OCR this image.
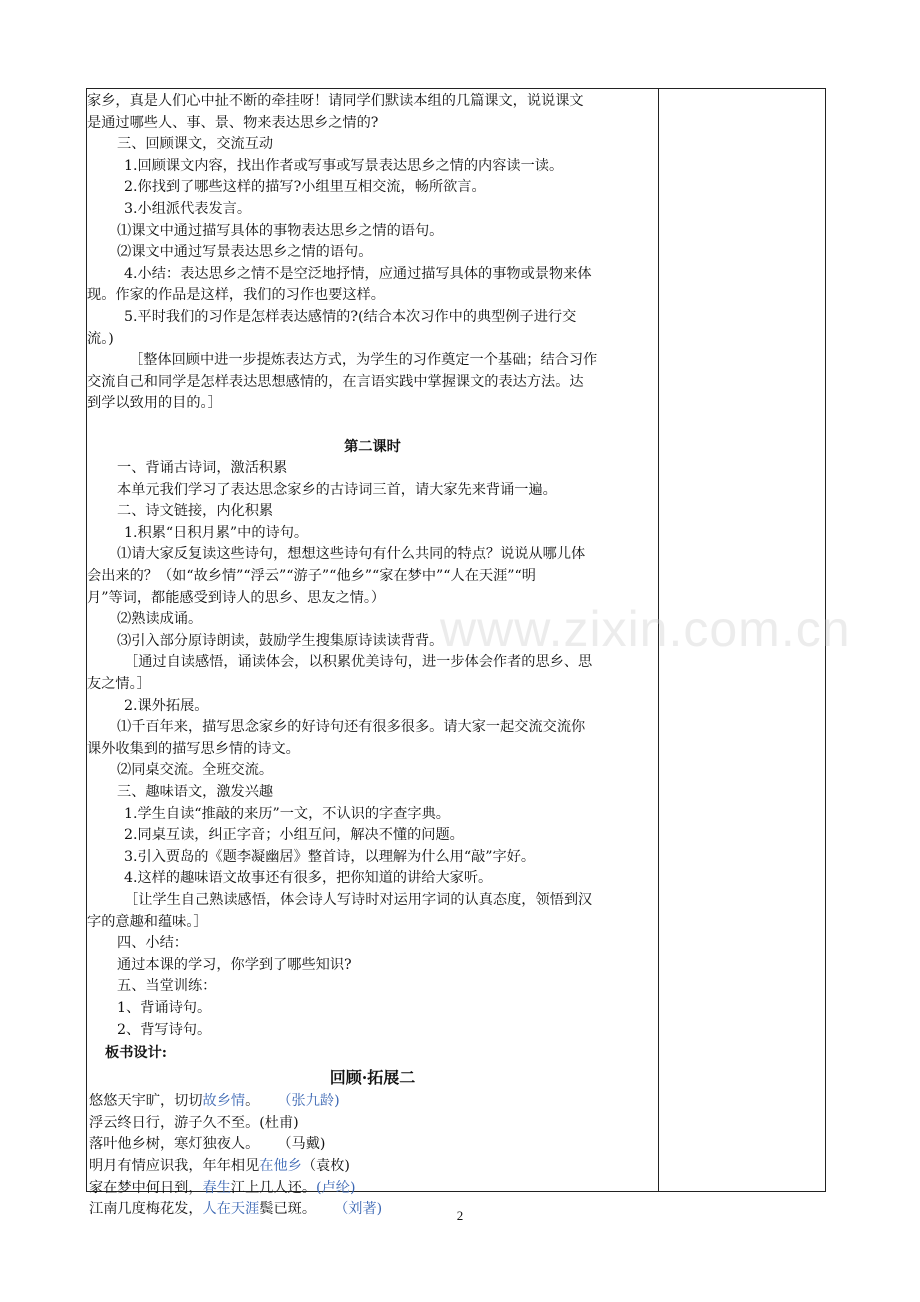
家乡，真是人们心中扯不断的牵挂呀！请同学们默读本组的几篇课文，说说课文
是通过哪些人、事、景、物来表达思乡之情的?
三、回顾课文，交流互动
1.回顾课文内容，找出作者或写事或写景表达思乡之情的内容读一读。
2.你找到了哪些这样的描写?小组里互相交流，畅所欲言。
3.小组派代表发言。
⑴课文中通过描写具体的事物表达思乡之情的语句。
⑵课文中通过写景表达思乡之情的语句。
4.小结：表达思乡之情不是空泛地抒情，应通过描写具体的事物或景物来体
现。作家的作品是这样，我们的习作也要这样。
5.平时我们的习作是怎样表达感情的?(结合本次习作中的典型例子进行交
流。)
［整体回顾中进一步提炼表达方式，为学生的习作奠定一个基础；结合习作
交流自己和同学是怎样表达思想感情的，在言语实践中掌握课文的表达方法。达
到学以致用的目的。］
第二课时
一、背诵古诗词，激活积累
本单元我们学习了表达思念家乡的古诗词三首，请大家先来背诵一遍。
二、诗文链接，内化积累
1.积累“日积月累”中的诗句。
⑴请大家反复读这些诗句，想想这些诗句有什么共同的特点？说说从哪儿体
会出来的？（如“故乡情”“浮云”“游子”“他乡”“家在梦中”“人在天涯”“明
月”等词，都能感受到诗人的思乡、思友之情。）
⑵熟读成诵。
⑶引入部分原诗朗读，鼓励学生搜集原诗读读背背。
［通过自读感悟，诵读体会，以积累优美诗句，进一步体会作者的思乡、思
友之情。］
2.课外拓展。
⑴千百年来，描写思念家乡的好诗句还有很多很多。请大家一起交流交流你
课外收集到的描写思乡情的诗文。
⑵同桌交流。全班交流。
三、趣味语文，激发兴趣
1.学生自读“推敲的来历”一文，不认识的字查字典。
2.同桌互读，纠正字音；小组互问，解决不懂的问题。
3.引入贾岛的《题李凝幽居》整首诗，以理解为什么用“敲”字好。
4.这样的趣味语文故事还有很多，把你知道的讲给大家听。
［让学生自己熟读感悟，体会诗人写诗时对运用字词的认真态度，领悟到汉
字的意趣和蕴味。］
四、小结：
通过本课的学习，你学到了哪些知识?
五、当堂训练：
1、背诵诗句。
2、背写诗句。
板书设计:
回顾·拓展二
悠悠天宇旷，切切故乡情。 （张九龄)
浮云终日行，游子久不至。(杜甫)
落叶他乡树，寒灯独夜人。 （马戴)
明月有情应识我，年年相见在他乡（袁枚)
家在梦中何日到，春生江上几人还。(卢纶)
江南几度梅花发，人在天涯鬓已斑。 （刘著)
www.zixin.com.cn
2
